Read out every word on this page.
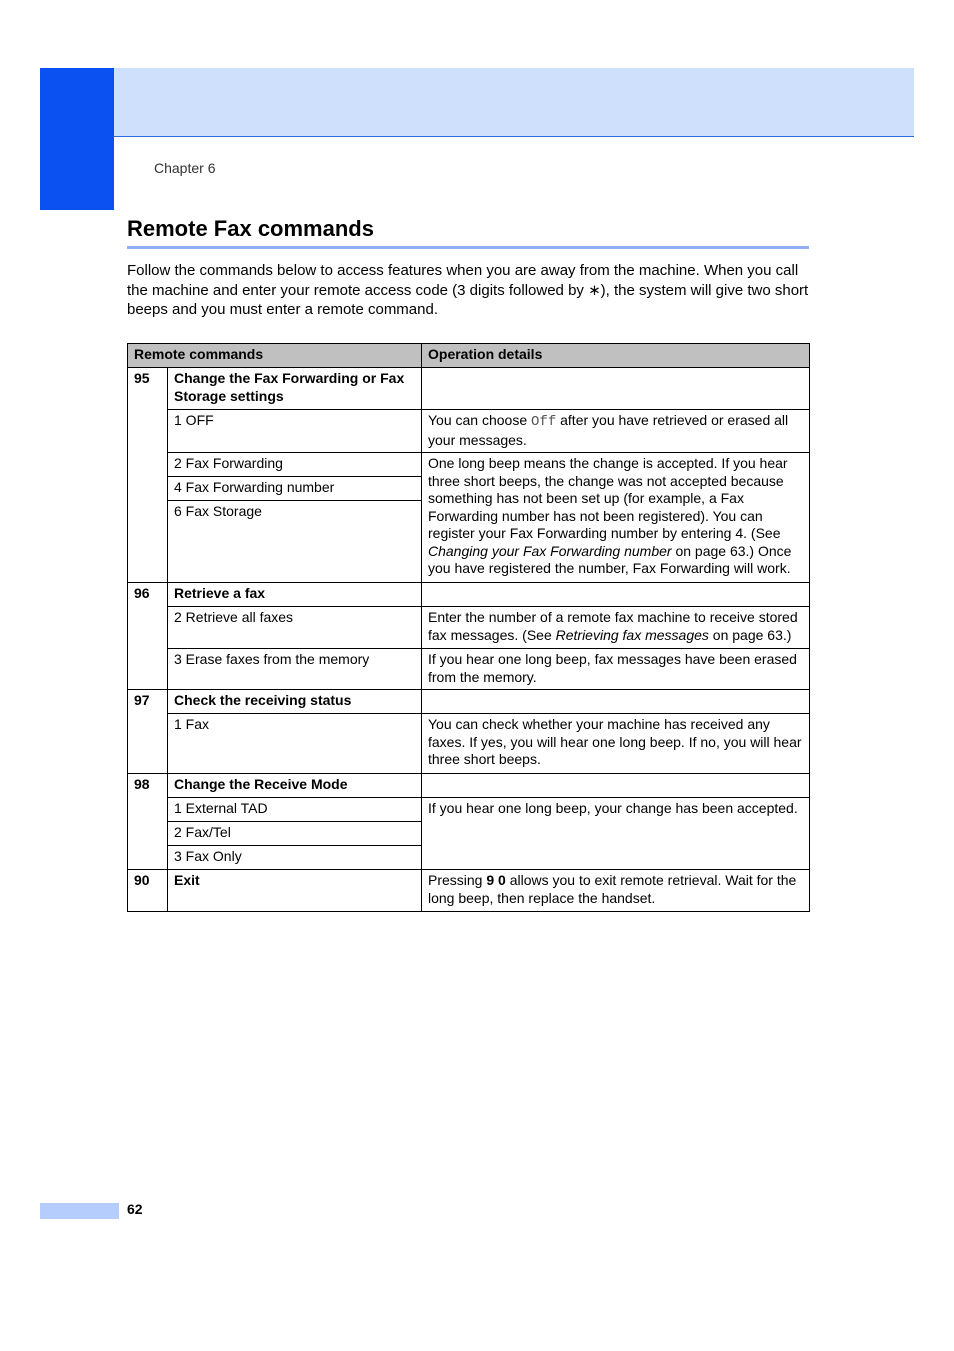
Chapter 6
Remote Fax commands

Follow the commands below to access features when you are away from the machine. When you call the machine and enter your remote access code (3 digits followed by ∗), the system will give two short beeps and you must enter a remote command.

Remote commands		Operation details
95	Change the Fax Forwarding or Fax Storage settings	
	1 OFF	You can choose Off after you have retrieved or erased all your messages.
	2 Fax Forwarding	One long beep means the change is accepted. If you hear three short beeps, the change was not accepted because something has not been set up (for example, a Fax Forwarding number has not been registered). You can register your Fax Forwarding number by entering 4. (See Changing your Fax Forwarding number on page 63.) Once you have registered the number, Fax Forwarding will work.
	4 Fax Forwarding number	
	6 Fax Storage	
96	Retrieve a fax	
	2 Retrieve all faxes	Enter the number of a remote fax machine to receive stored fax messages. (See Retrieving fax messages on page 63.)
	3 Erase faxes from the memory	If you hear one long beep, fax messages have been erased from the memory.
97	Check the receiving status	
	1 Fax	You can check whether your machine has received any faxes. If yes, you will hear one long beep. If no, you will hear three short beeps.
98	Change the Receive Mode	
	1 External TAD	If you hear one long beep, your change has been accepted.
	2 Fax/Tel	
	3 Fax Only	
90	Exit	Pressing 9 0 allows you to exit remote retrieval. Wait for the long beep, then replace the handset.
62
